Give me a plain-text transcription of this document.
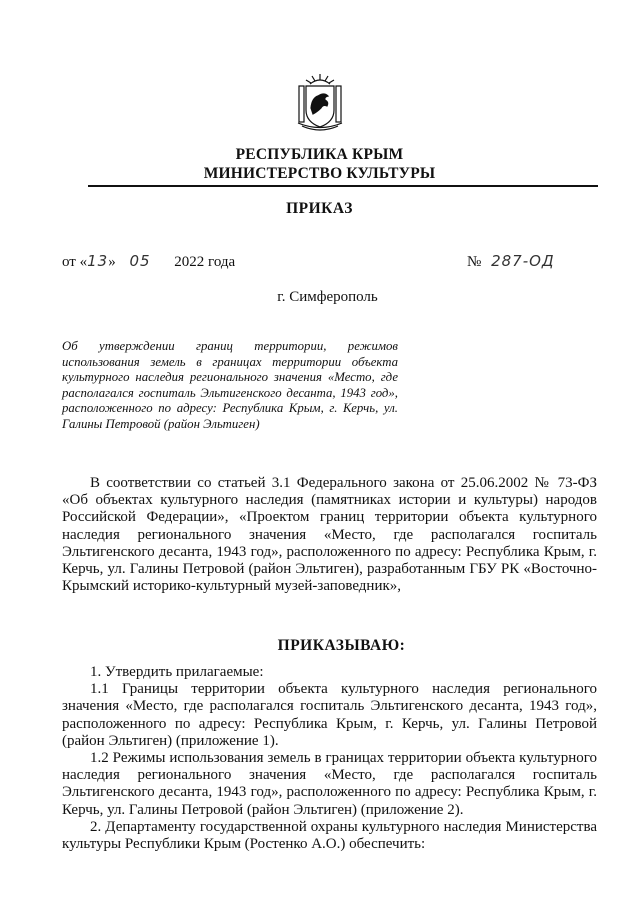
РЕСПУБЛИКА КРЫМ
МИНИСТЕРСТВО КУЛЬТУРЫ
ПРИКАЗ
от «13» 05 2022 года	№ 287-ОД
г. Симферополь
Об утверждении границ территории, режимов использования земель в границах территории объекта культурного наследия регионального значения «Место, где располагался госпиталь Эльтигенского десанта, 1943 год», расположенного по адресу: Республика Крым, г. Керчь, ул. Галины Петровой (район Эльтиген)

В соответствии со статьей 3.1 Федерального закона от 25.06.2002 № 73-ФЗ «Об объектах культурного наследия (памятниках истории и культуры) народов Российской Федерации», «Проектом границ территории объекта культурного наследия регионального значения «Место, где располагался госпиталь Эльтигенского десанта, 1943 год», расположенного по адресу: Республика Крым, г. Керчь, ул. Галины Петровой (район Эльтиген), разработанным ГБУ РК «Восточно-Крымский историко-культурный музей-заповедник»,

ПРИКАЗЫВАЮ:

1. Утвердить прилагаемые:

1.1 Границы территории объекта культурного наследия регионального значения «Место, где располагался госпиталь Эльтигенского десанта, 1943 год», расположенного по адресу: Республика Крым, г. Керчь, ул. Галины Петровой (район Эльтиген) (приложение 1).

1.2 Режимы использования земель в границах территории объекта культурного наследия регионального значения «Место, где располагался госпиталь Эльтигенского десанта, 1943 год», расположенного по адресу: Республика Крым, г. Керчь, ул. Галины Петровой (район Эльтиген) (приложение 2).

2. Департаменту государственной охраны культурного наследия Министерства культуры Республики Крым (Ростенко А.О.) обеспечить:
